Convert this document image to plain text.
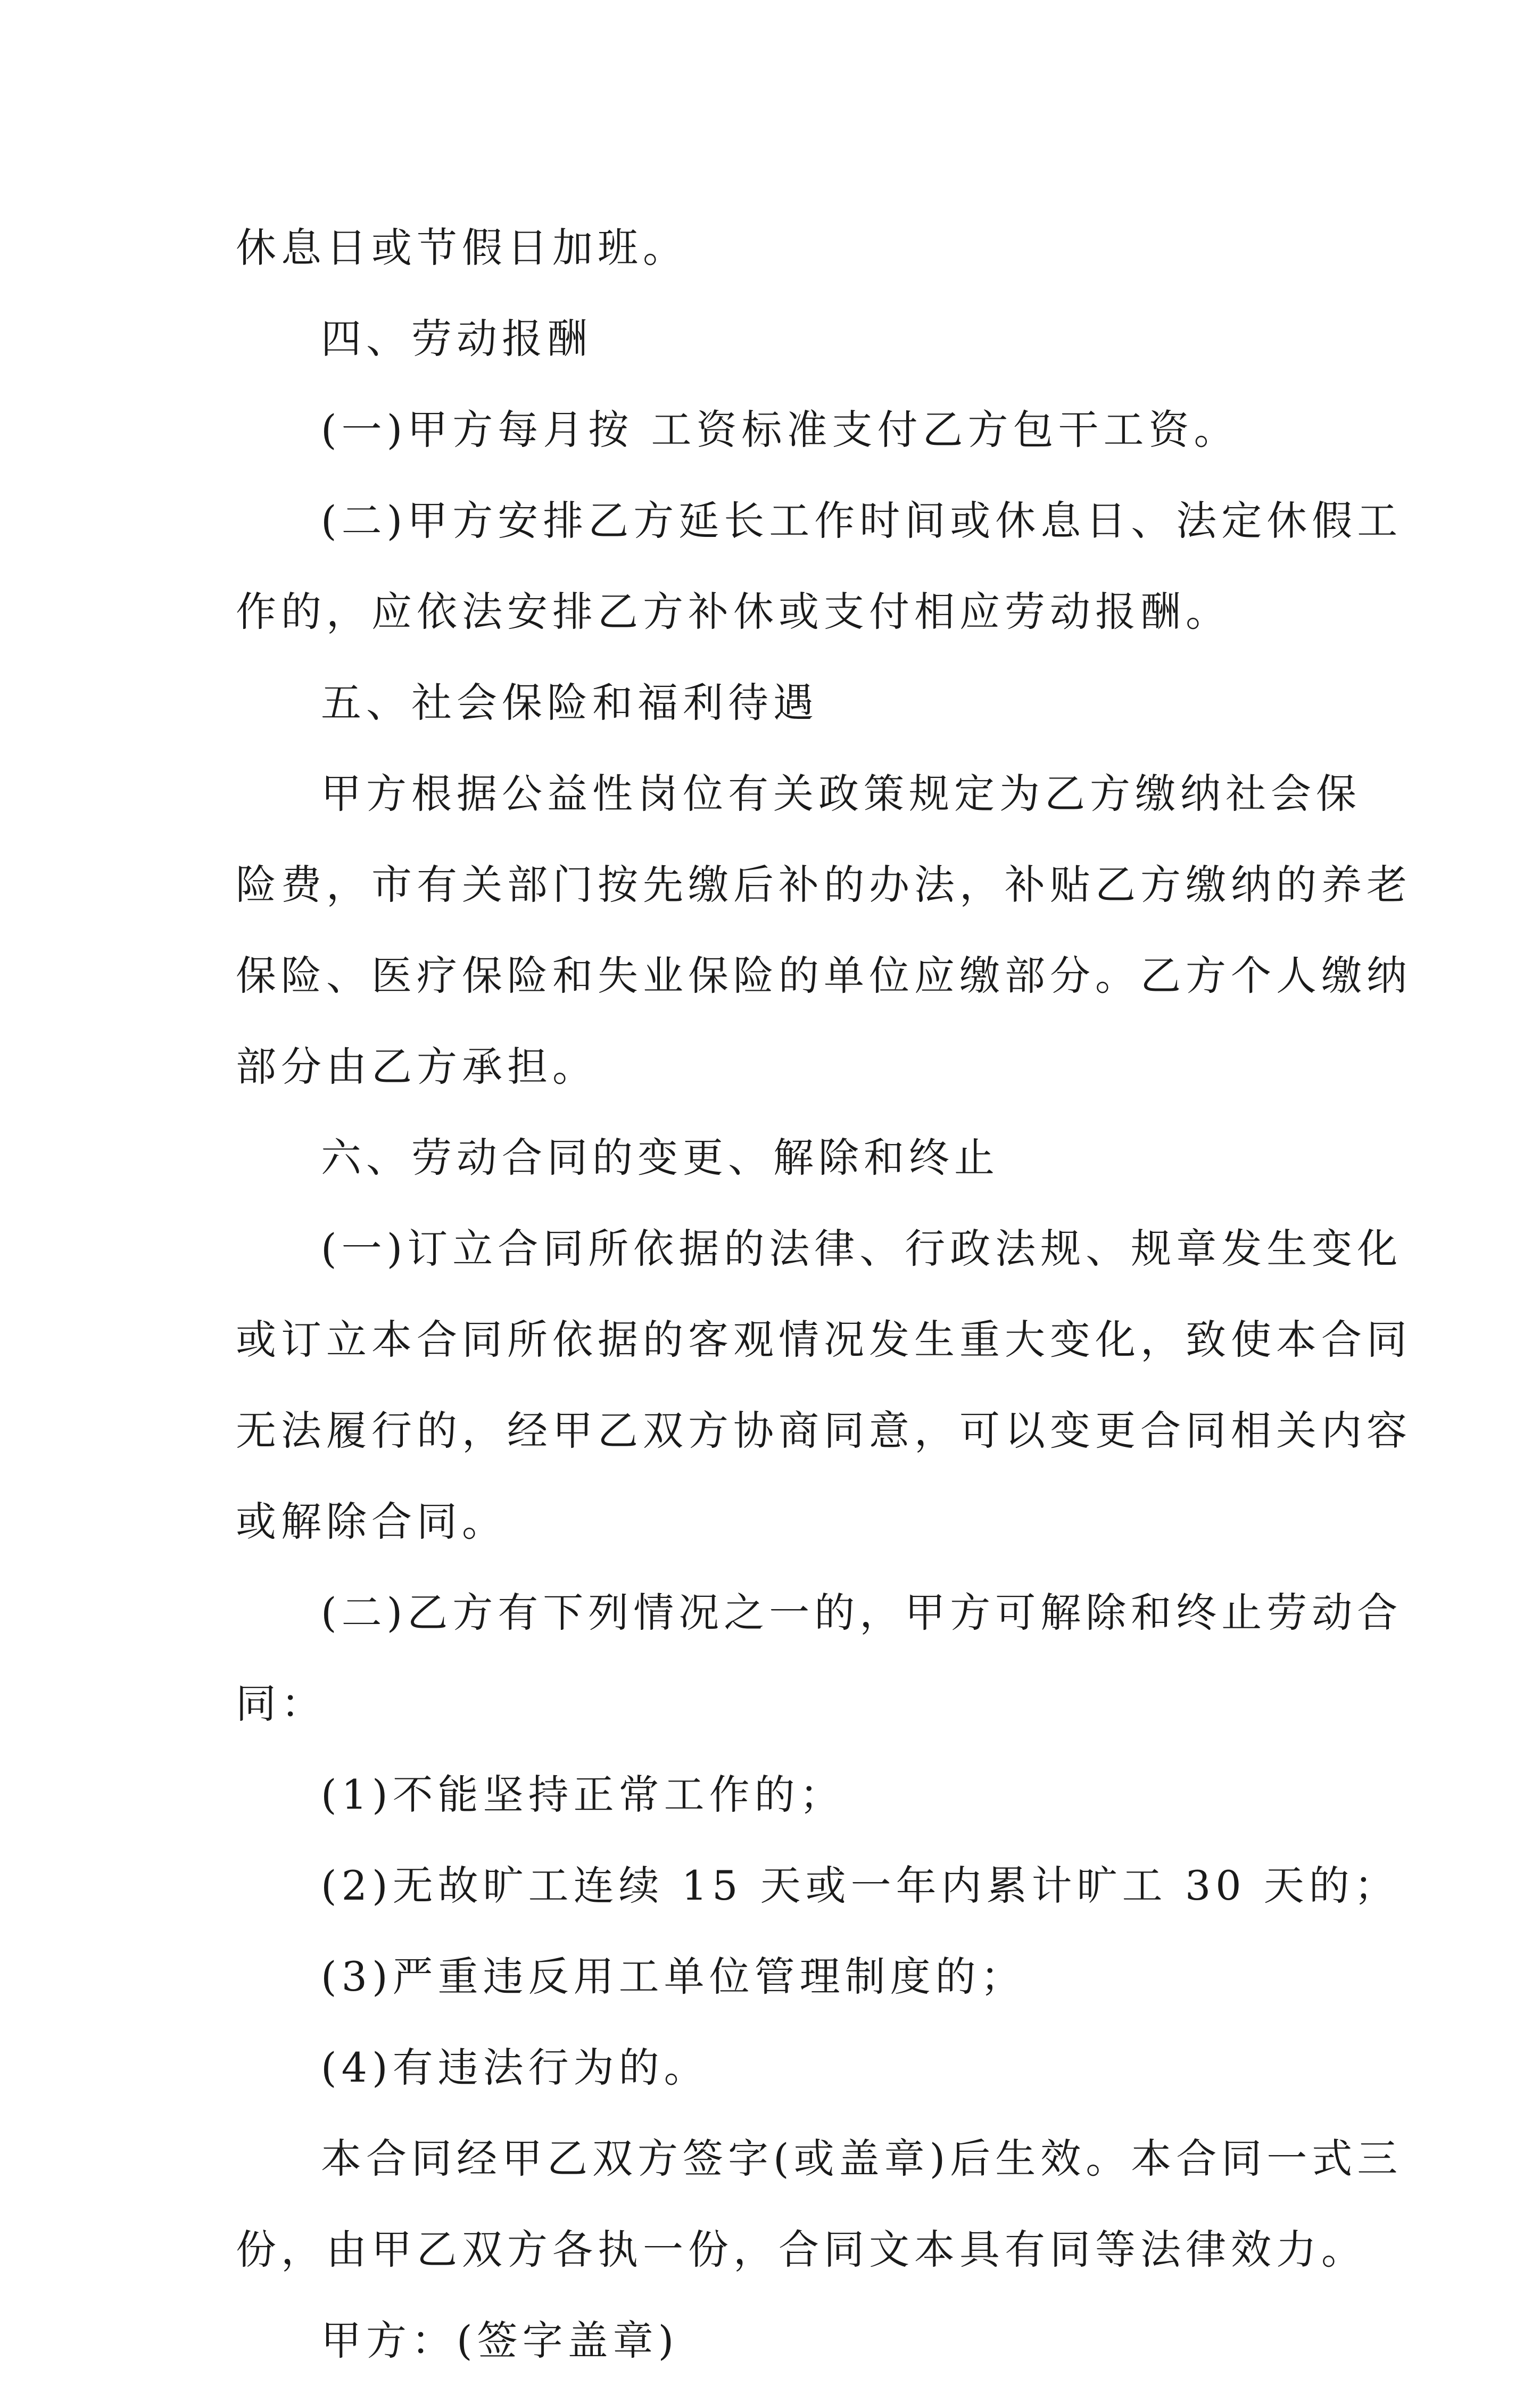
休息日或节假日加班。
四、劳动报酬
(一)甲方每月按 工资标准支付乙方包干工资。
(二)甲方安排乙方延长工作时间或休息日、法定休假工
作的，应依法安排乙方补休或支付相应劳动报酬。
五、社会保险和福利待遇
甲方根据公益性岗位有关政策规定为乙方缴纳社会保
险费，市有关部门按先缴后补的办法，补贴乙方缴纳的养老
保险、医疗保险和失业保险的单位应缴部分。乙方个人缴纳
部分由乙方承担。
六、劳动合同的变更、解除和终止
(一)订立合同所依据的法律、行政法规、规章发生变化
或订立本合同所依据的客观情况发生重大变化，致使本合同
无法履行的，经甲乙双方协商同意，可以变更合同相关内容
或解除合同。
(二)乙方有下列情况之一的，甲方可解除和终止劳动合
同：
(1)不能坚持正常工作的；
(2)无故旷工连续 15 天或一年内累计旷工 30 天的；
(3)严重违反用工单位管理制度的；
(4)有违法行为的。
本合同经甲乙双方签字(或盖章)后生效。本合同一式三
份，由甲乙双方各执一份，合同文本具有同等法律效力。
甲方：(签字盖章)
